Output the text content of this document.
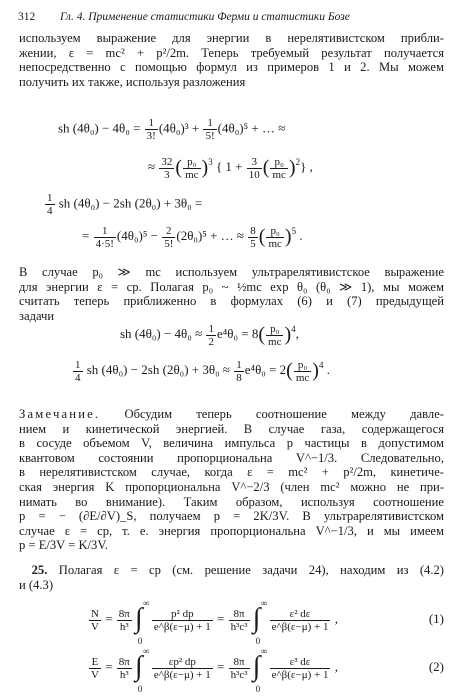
312 Гл. 4. Применение статистики Ферми и статистики Бозе
используем выражение для энергии в нерелятивистском прибли-
жении, ε = mc² + p²/2m. Теперь требуемый результат получается
непосредственно с помощью формул из примеров 1 и 2. Мы можем
получить их также, используя разложения
sh $(4\theta_0) - 4\theta_0 = \frac{1}{3!} (4\theta_0)^3 + \frac{1}{5!} (4\theta_0)^5$ + … ≈
≈ $\frac{32}{3}$ ( $\frac{\text{p₀}}{mc} )^3$ { $1 + \frac{3}{10}$ ( $\frac{\text{p₀}}{mc} )^2$} ,
$\frac{1}{4}$ sh (4θ₀) − 2sh (2θ₀) + 3θ₀ =
= $\frac{1}{4\cdot 5!} (4\theta_0)^5 - \frac{2}{5!} (2\theta_0)^5$ + … ≈ $\frac{8}{5}$ ( $\frac{\text{p₀}}{mc} )^5$ .
В случае p₀ ≫ mc используем ультрарелятивистское выражение
для энергии ε = cp. Полагая p₀ ~ ½mc exp θ₀ (θ₀ ≫ 1), мы можем
считать теперь приближенно в формулах (6) и (7) предыдущей
задачи
sh $(4\theta_0) - 4\theta_0 \approx \frac{1}{2} e^4\theta_0 = 8( \frac{\text{p₀}}{mc} )^4$,
$\frac{1}{4}$ sh (4θ₀) − 2sh $(2\theta_0) + 3\theta_0 \approx \frac{1}{8} e^4\theta_0 = 2( \frac{\text{p₀}}{mc} )^4$ .
Замечание. Обсудим теперь соотношение между давле-
нием и кинетической энергией. В случае газа, содержащегося
в сосуде объемом V, величина импульса p частицы в допустимом
квантовом состоянии пропорциональна V^−1/3. Следовательно,
в нерелятивистском случае, когда ε = mc² + p²/2m, кинетиче-
ская энергия K пропорциональна V^−2/3 (член mc² можно не при-
нимать во внимание). Таким образом, используя соотношение
p = − (∂E/∂V)_S, получаем p = 2K/3V. В ультрарелятивистском
случае ε = cp, т. е. энергия пропорциональна V^−1/3, и мы имеем
p = E/3V = K/3V.
 25. Полагая ε = cp (см. решение задачи 24), находим из (4.2)
и (4.3)
$\frac{N}{V} = \frac{8\pi}{\text{h³}}$ ∫ ∞
0
$\frac{\text{p² dp}}{e\^{}\beta(\varepsilon-\mu) + 1} = \frac{8\pi}{\text{h³c³}}$ ∫ ∞
0
$\frac{\text{ε² dε}}{e\^{}\beta(\varepsilon-\mu) + 1}$ ,	(1)
$\frac{E}{V} = \frac{8\pi}{\text{h³}}$ ∫ ∞
0
$\frac{\text{εp² dp}}{e\^{}\beta(\varepsilon-\mu) + 1} = \frac{8\pi}{\text{h³c³}}$ ∫ ∞
0
$\frac{\text{ε³ dε}}{e\^{}\beta(\varepsilon-\mu) + 1}$ ,	(2)
